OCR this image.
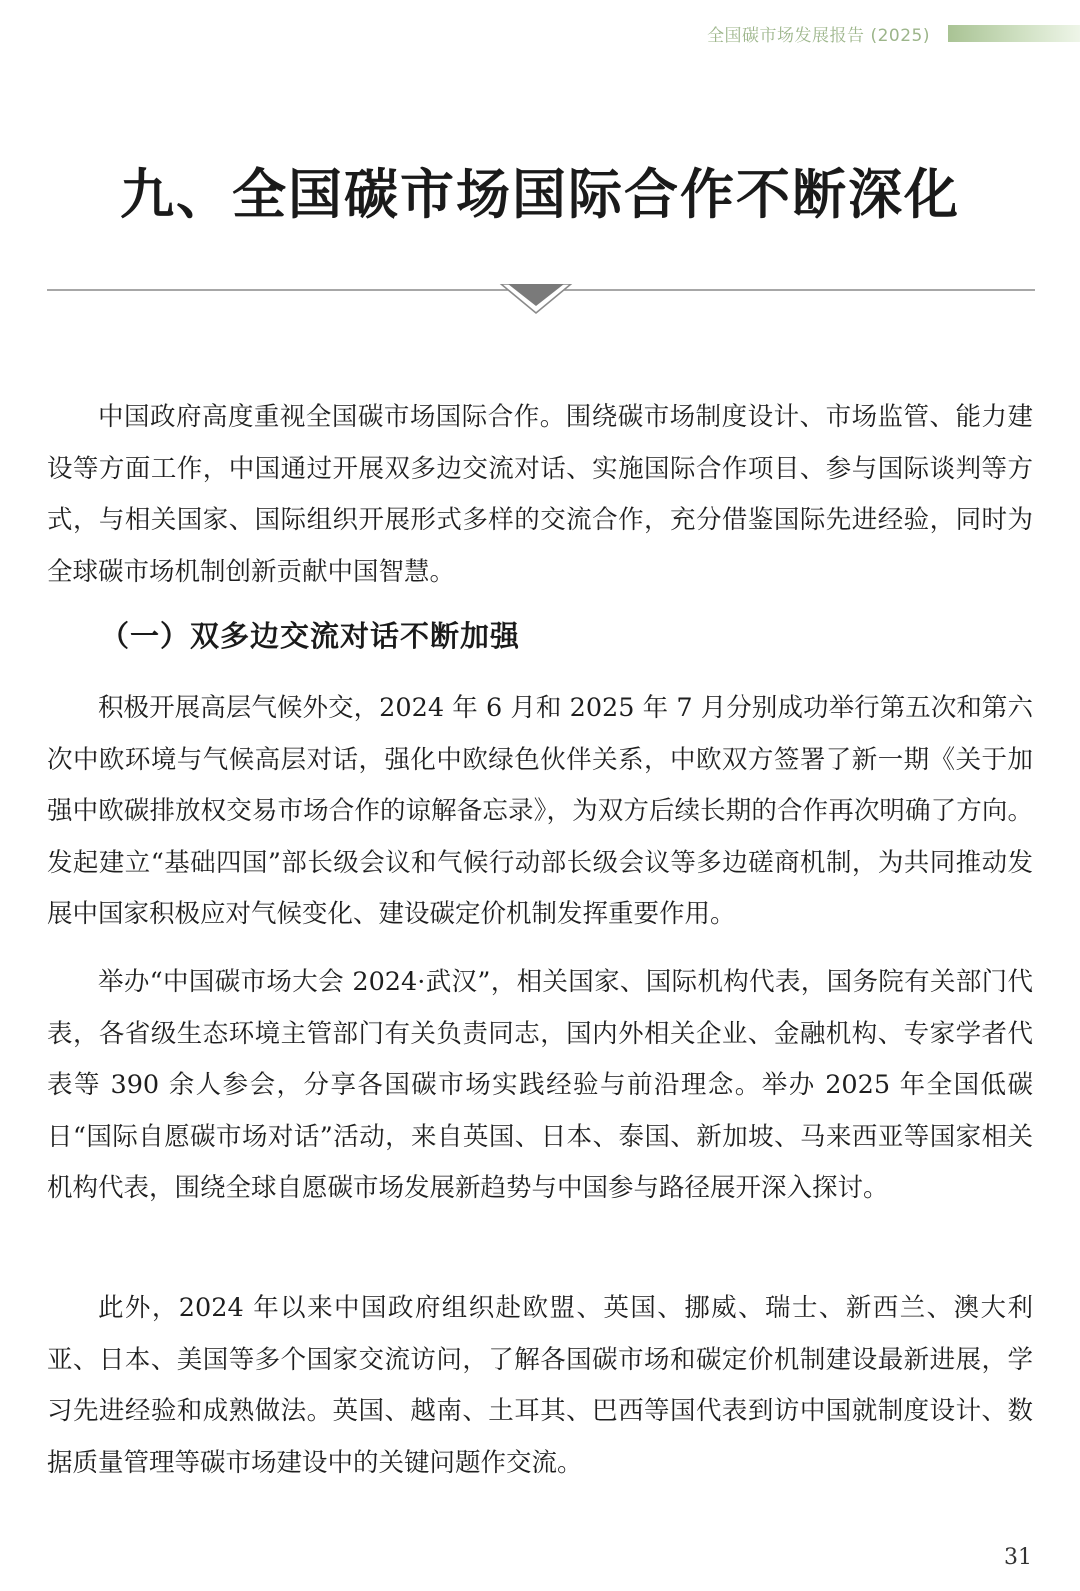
全国碳市场发展报告 (2025)
九、全国碳市场国际合作不断深化

中国政府高度重视全国碳市场国际合作。围绕碳市场制度设计、市场监管、能力建设等方面工作，中国通过开展双多边交流对话、实施国际合作项目、参与国际谈判等方式，与相关国家、国际组织开展形式多样的交流合作，充分借鉴国际先进经验，同时为全球碳市场机制创新贡献中国智慧。

（一）双多边交流对话不断加强

积极开展高层气候外交，2024 年 6 月和 2025 年 7 月分别成功举行第五次和第六次中欧环境与气候高层对话，强化中欧绿色伙伴关系，中欧双方签署了新一期《关于加强中欧碳排放权交易市场合作的谅解备忘录》，为双方后续长期的合作再次明确了方向。发起建立“基础四国”部长级会议和气候行动部长级会议等多边磋商机制，为共同推动发展中国家积极应对气候变化、建设碳定价机制发挥重要作用。

举办“中国碳市场大会 2024·武汉”，相关国家、国际机构代表，国务院有关部门代表，各省级生态环境主管部门有关负责同志，国内外相关企业、金融机构、专家学者代表等 390 余人参会，分享各国碳市场实践经验与前沿理念。举办 2025 年全国低碳日“国际自愿碳市场对话”活动，来自英国、日本、泰国、新加坡、马来西亚等国家相关机构代表，围绕全球自愿碳市场发展新趋势与中国参与路径展开深入探讨。

此外，2024 年以来中国政府组织赴欧盟、英国、挪威、瑞士、新西兰、澳大利亚、日本、美国等多个国家交流访问，了解各国碳市场和碳定价机制建设最新进展，学习先进经验和成熟做法。英国、越南、土耳其、巴西等国代表到访中国就制度设计、数据质量管理等碳市场建设中的关键问题作交流。

31
